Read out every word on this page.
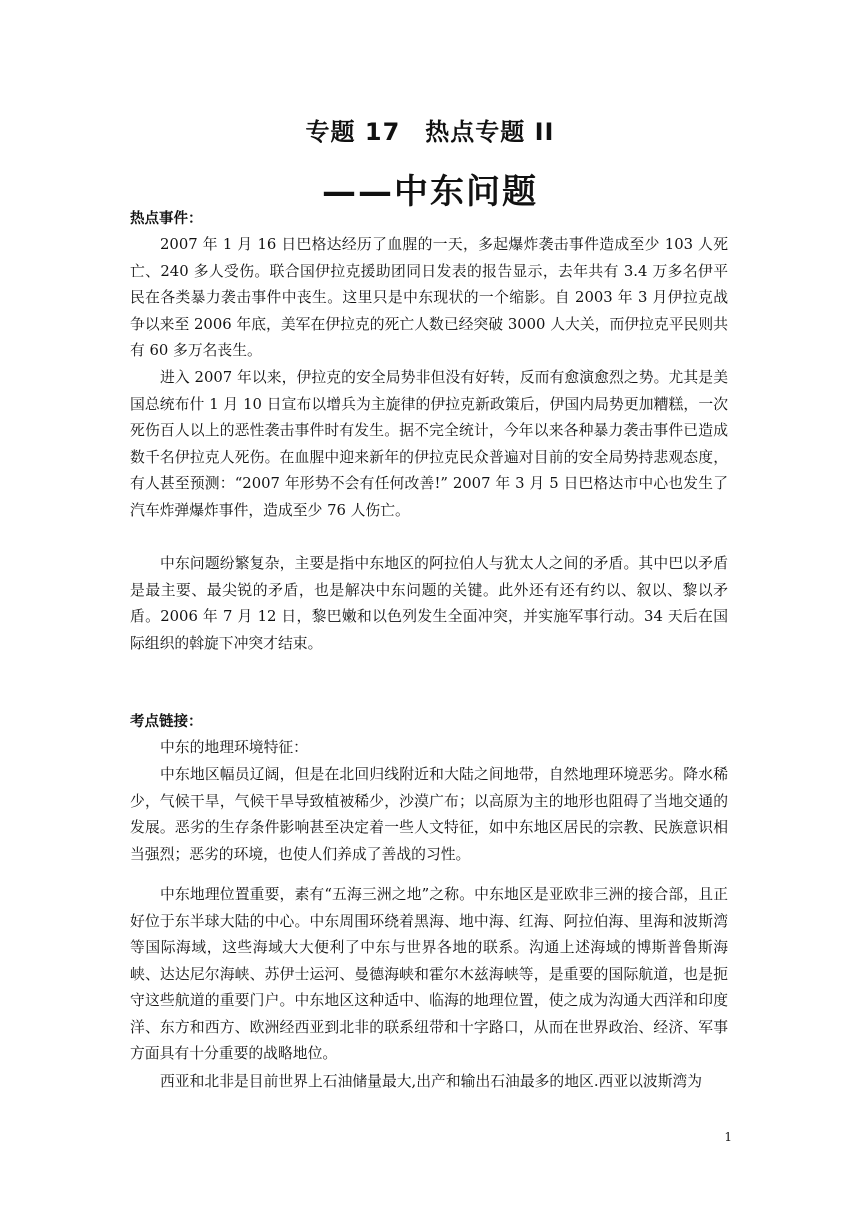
专题 17　热点专题 II
——中东问题
热点事件：

2007 年 1 月 16 日巴格达经历了血腥的一天，多起爆炸袭击事件造成至少 103 人死亡、240 多人受伤。联合国伊拉克援助团同日发表的报告显示，去年共有 3.4 万多名伊平民在各类暴力袭击事件中丧生。这里只是中东现状的一个缩影。自 2003 年 3 月伊拉克战争以来至 2006 年底，美军在伊拉克的死亡人数已经突破 3000 人大关，而伊拉克平民则共有 60 多万名丧生。

进入 2007 年以来，伊拉克的安全局势非但没有好转，反而有愈演愈烈之势。尤其是美国总统布什 1 月 10 日宣布以增兵为主旋律的伊拉克新政策后，伊国内局势更加糟糕，一次死伤百人以上的恶性袭击事件时有发生。据不完全统计，今年以来各种暴力袭击事件已造成数千名伊拉克人死伤。在血腥中迎来新年的伊拉克民众普遍对目前的安全局势持悲观态度，有人甚至预测：“2007 年形势不会有任何改善!” 2007 年 3 月 5 日巴格达市中心也发生了汽车炸弹爆炸事件，造成至少 76 人伤亡。

中东问题纷繁复杂，主要是指中东地区的阿拉伯人与犹太人之间的矛盾。其中巴以矛盾是最主要、最尖锐的矛盾，也是解决中东问题的关键。此外还有还有约以、叙以、黎以矛盾。2006 年 7 月 12 日，黎巴嫩和以色列发生全面冲突，并实施军事行动。34 天后在国际组织的斡旋下冲突才结束。

考点链接：

中东的地理环境特征：

中东地区幅员辽阔，但是在北回归线附近和大陆之间地带，自然地理环境恶劣。降水稀少，气候干旱，气候干旱导致植被稀少，沙漠广布；以高原为主的地形也阻碍了当地交通的发展。恶劣的生存条件影响甚至决定着一些人文特征，如中东地区居民的宗教、民族意识相当强烈；恶劣的环境，也使人们养成了善战的习性。

中东地理位置重要，素有“五海三洲之地”之称。中东地区是亚欧非三洲的接合部，且正好位于东半球大陆的中心。中东周围环绕着黑海、地中海、红海、阿拉伯海、里海和波斯湾等国际海域，这些海域大大便利了中东与世界各地的联系。沟通上述海域的博斯普鲁斯海峡、达达尼尔海峡、苏伊士运河、曼德海峡和霍尔木兹海峡等，是重要的国际航道，也是扼守这些航道的重要门户。中东地区这种适中、临海的地理位置，使之成为沟通大西洋和印度洋、东方和西方、欧洲经西亚到北非的联系纽带和十字路口，从而在世界政治、经济、军事方面具有十分重要的战略地位。

西亚和北非是目前世界上石油储量最大,出产和输出石油最多的地区.西亚以波斯湾为

1
